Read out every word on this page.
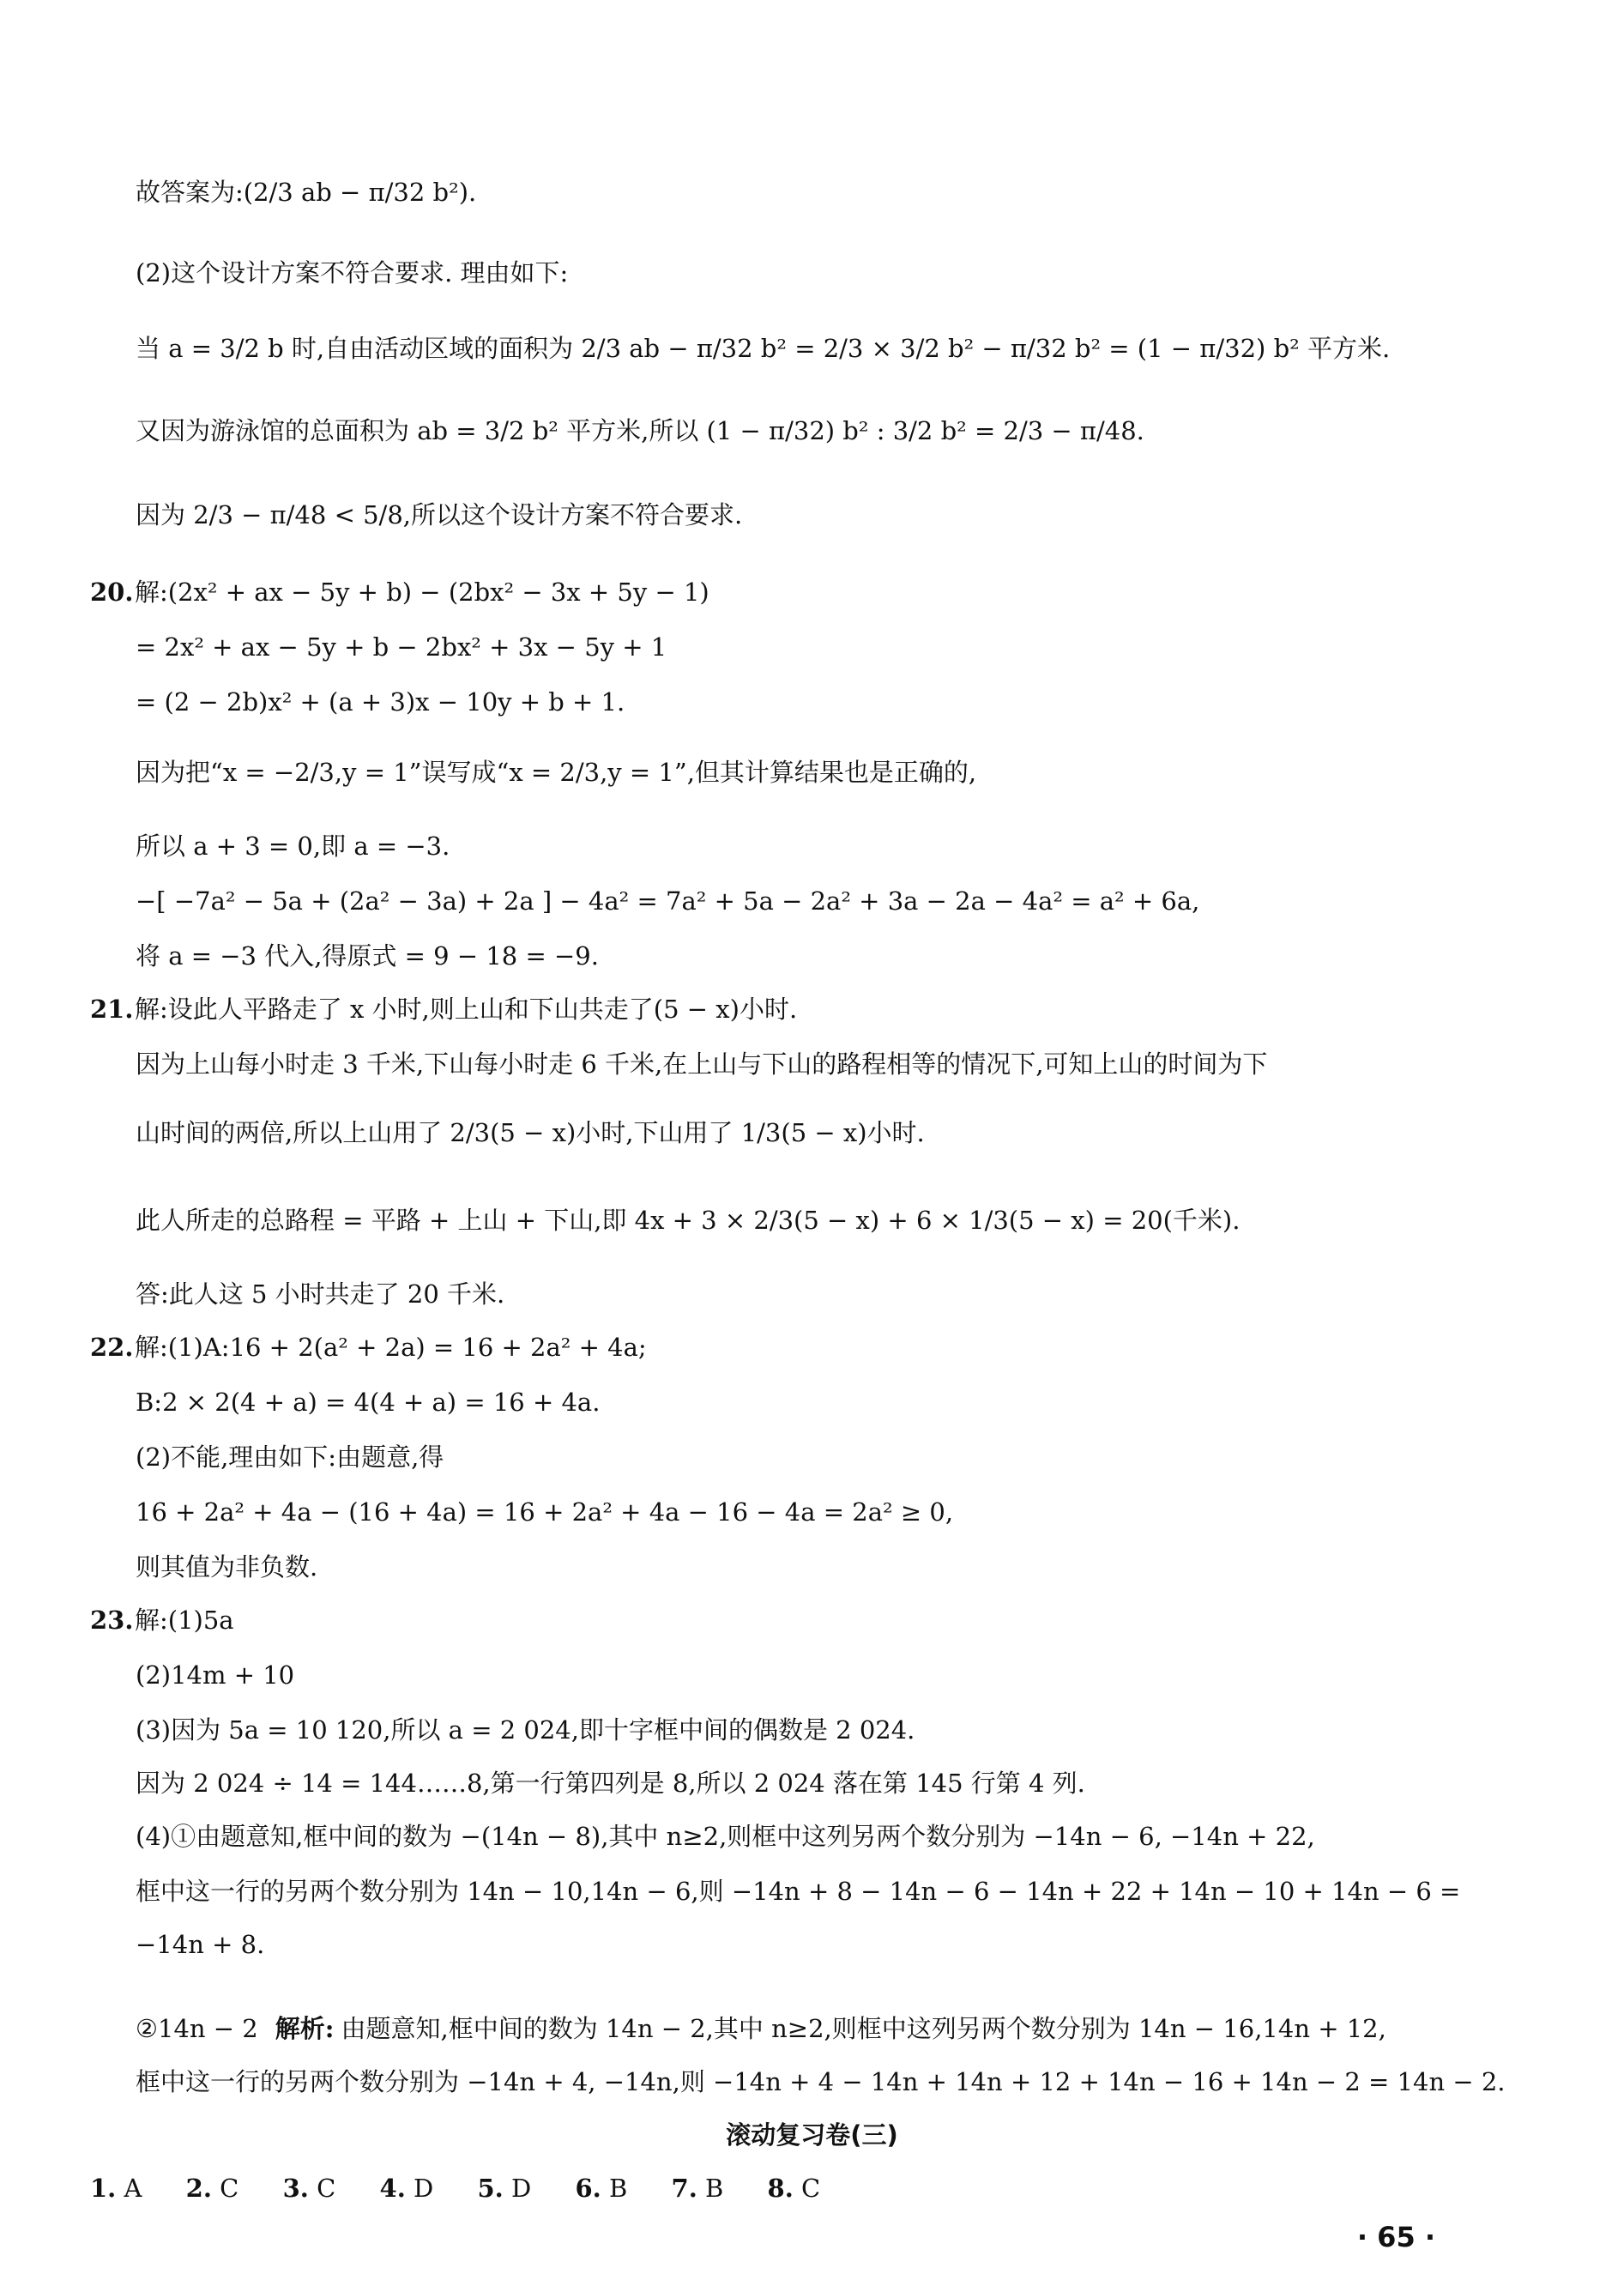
故答案为:(2/3 ab − π/32 b²).
(2)这个设计方案不符合要求. 理由如下:
当 a = 3/2 b 时,自由活动区域的面积为 2/3 ab − π/32 b² = 2/3 × 3/2 b² − π/32 b² = (1 − π/32) b² 平方米.
又因为游泳馆的总面积为 ab = 3/2 b² 平方米,所以 (1 − π/32) b² : 3/2 b² = 2/3 − π/48.
因为 2/3 − π/48 < 5/8,所以这个设计方案不符合要求.
20.解:(2x² + ax − 5y + b) − (2bx² − 3x + 5y − 1)
= 2x² + ax − 5y + b − 2bx² + 3x − 5y + 1
= (2 − 2b)x² + (a + 3)x − 10y + b + 1.
因为把“x = −2/3,y = 1”误写成“x = 2/3,y = 1”,但其计算结果也是正确的,
所以 a + 3 = 0,即 a = −3.
−[ −7a² − 5a + (2a² − 3a) + 2a ] − 4a² = 7a² + 5a − 2a² + 3a − 2a − 4a² = a² + 6a,
将 a = −3 代入,得原式 = 9 − 18 = −9.
21.解:设此人平路走了 x 小时,则上山和下山共走了(5 − x)小时.
因为上山每小时走 3 千米,下山每小时走 6 千米,在上山与下山的路程相等的情况下,可知上山的时间为下
山时间的两倍,所以上山用了 2/3(5 − x)小时,下山用了 1/3(5 − x)小时.
此人所走的总路程 = 平路 + 上山 + 下山,即 4x + 3 × 2/3(5 − x) + 6 × 1/3(5 − x) = 20(千米).
答:此人这 5 小时共走了 20 千米.
22.解:(1)A:16 + 2(a² + 2a) = 16 + 2a² + 4a;
B:2 × 2(4 + a) = 4(4 + a) = 16 + 4a.
(2)不能,理由如下:由题意,得
16 + 2a² + 4a − (16 + 4a) = 16 + 2a² + 4a − 16 − 4a = 2a² ≥ 0,
则其值为非负数.
23.解:(1)5a
(2)14m + 10
(3)因为 5a = 10 120,所以 a = 2 024,即十字框中间的偶数是 2 024.
因为 2 024 ÷ 14 = 144……8,第一行第四列是 8,所以 2 024 落在第 145 行第 4 列.
(4)①由题意知,框中间的数为 −(14n − 8),其中 n≥2,则框中这列另两个数分别为 −14n − 6, −14n + 22,
框中这一行的另两个数分别为 14n − 10,14n − 6,则 −14n + 8 − 14n − 6 − 14n + 22 + 14n − 10 + 14n − 6 =
−14n + 8.
②14n − 2 解析: 由题意知,框中间的数为 14n − 2,其中 n≥2,则框中这列另两个数分别为 14n − 16,14n + 12,
框中这一行的另两个数分别为 −14n + 4, −14n,则 −14n + 4 − 14n + 14n + 12 + 14n − 16 + 14n − 2 = 14n − 2.
滚动复习卷(三)
1. A 2. C 3. C 4. D 5. D 6. B 7. B 8. C
· 65 ·
